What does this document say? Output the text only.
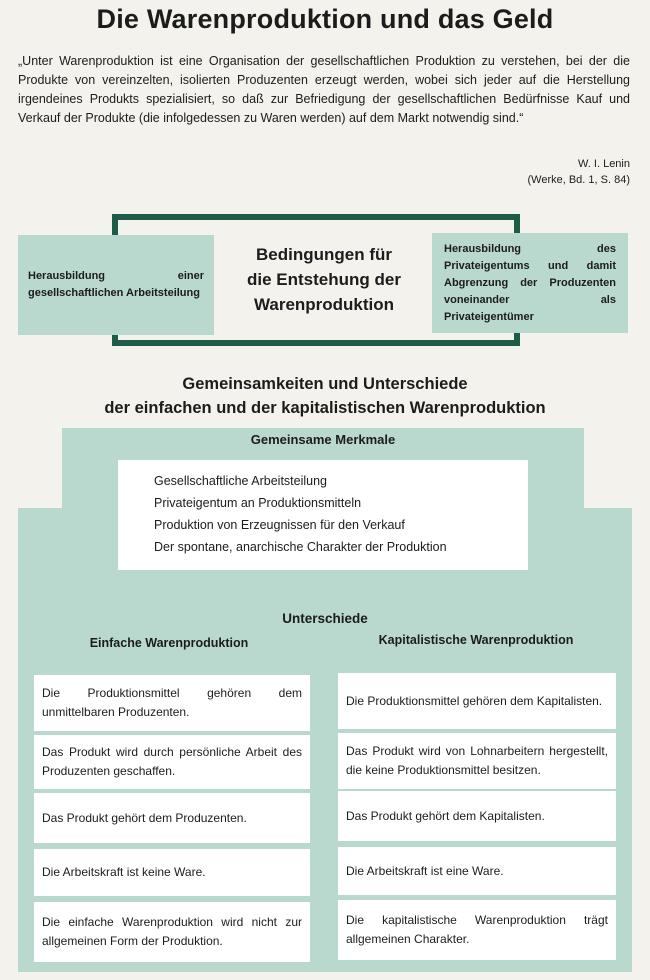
Die Warenproduktion und das Geld
„Unter Warenproduktion ist eine Organisation der gesellschaftlichen Produktion zu verstehen, bei der die Produkte von vereinzelten, isolierten Produzenten erzeugt werden, wobei sich jeder auf die Herstellung irgendeines Produkts spezialisiert, so daß zur Befriedigung der gesellschaftlichen Bedürfnisse Kauf und Verkauf der Produkte (die infolgedessen zu Waren werden) auf dem Markt notwendig sind.“
W. I. Lenin
(Werke, Bd. 1, S. 84)
Herausbildung einer gesellschaftlichen Arbeitsteilung
Herausbildung des Privateigentums und damit Abgrenzung der Produzenten voneinander als Privateigentümer
Bedingungen für
die Entstehung der
Warenproduktion
Gemeinsamkeiten und Unterschiede
der einfachen und der kapitalistischen Warenproduktion
Gemeinsame Merkmale
Gesellschaftliche Arbeitsteilung
Privateigentum an Produktionsmitteln
Produktion von Erzeugnissen für den Verkauf
Der spontane, anarchische Charakter der Produktion
Unterschiede
Einfache Warenproduktion	Kapitalistische Warenproduktion
Die Produktionsmittel gehören dem unmittelbaren Produzenten.
Das Produkt wird durch persönliche Arbeit des Produzenten geschaffen.
Das Produkt gehört dem Produzenten.
Die Arbeitskraft ist keine Ware.
Die einfache Warenproduktion wird nicht zur allgemeinen Form der Produktion.
Die Produktionsmittel gehören dem Kapitalisten.
Das Produkt wird von Lohnarbeitern hergestellt, die keine Produktionsmittel besitzen.
Das Produkt gehört dem Kapitalisten.
Die Arbeitskraft ist eine Ware.
Die kapitalistische Warenproduktion trägt allgemeinen Charakter.
